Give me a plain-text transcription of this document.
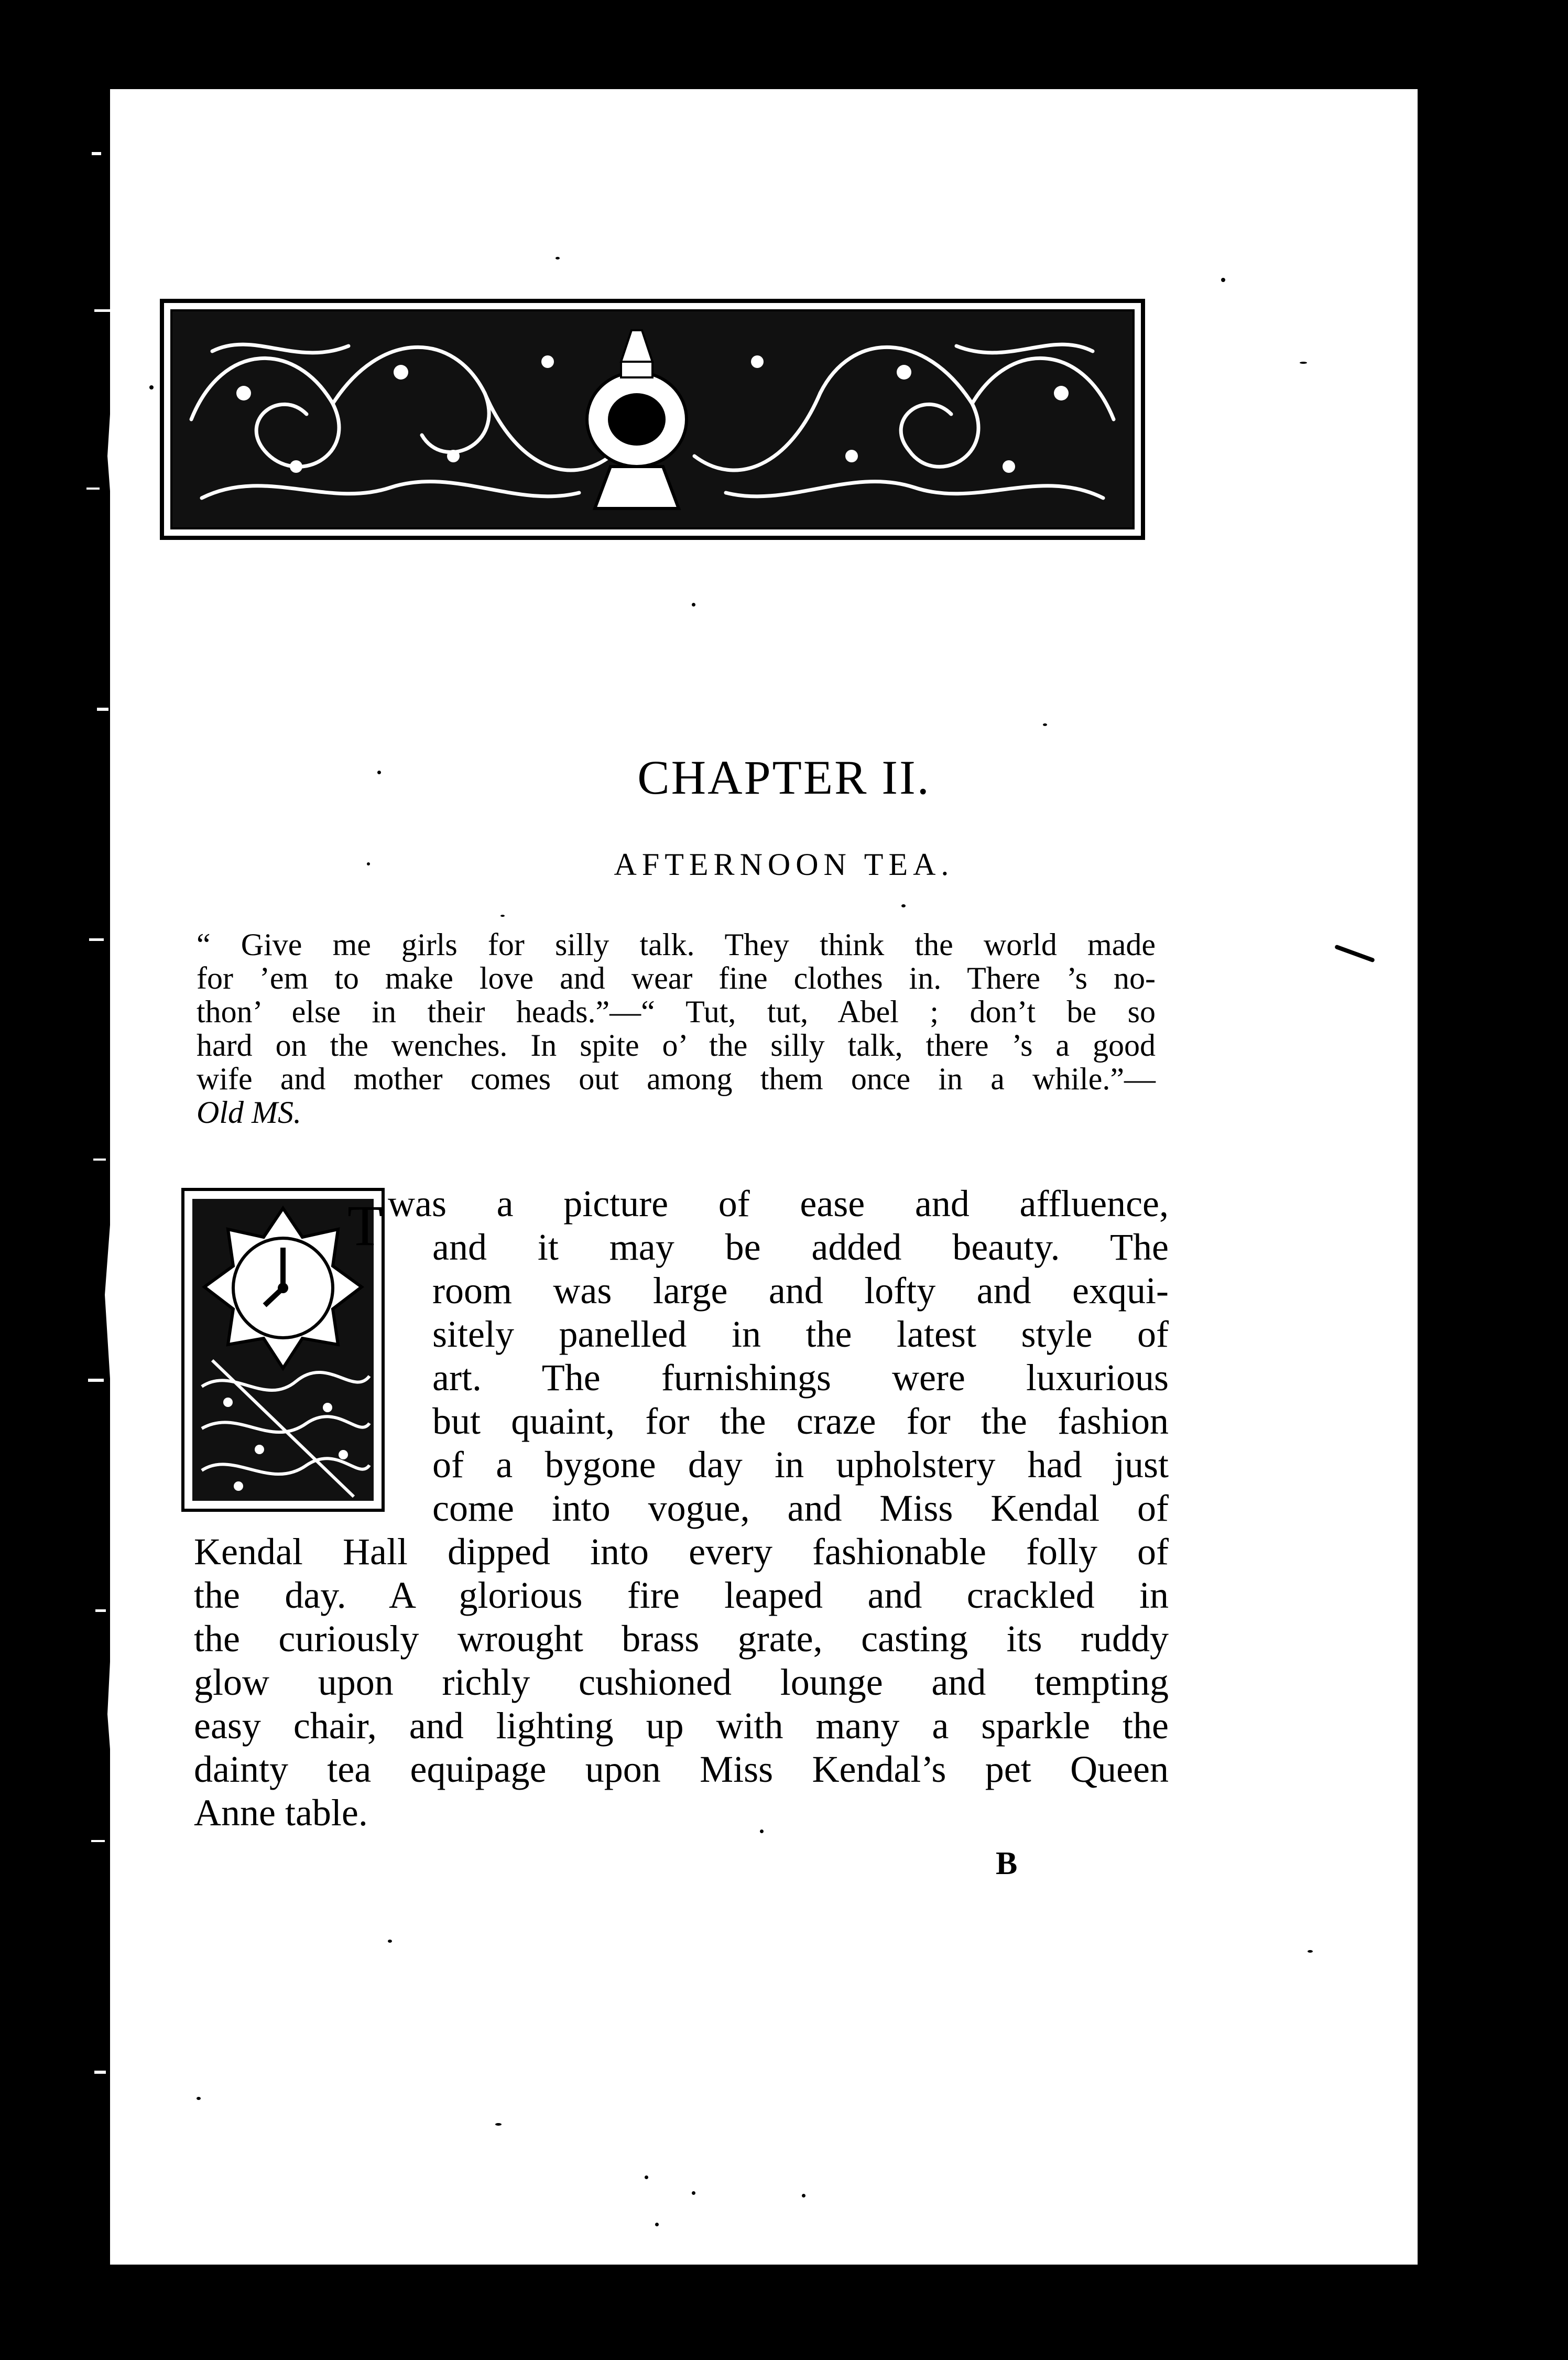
CHAPTER II.
AFTERNOON TEA.
“ Give me girls for silly talk. They think the world made
for ’em to make love and wear fine clothes in. There ’s no-
thon’ else in their heads.”—“ Tut, tut, Abel ; don’t be so
hard on the wenches. In spite o’ the silly talk, there ’s a good
wife and mother comes out among them once in a while.”—
Old MS.
T was a picture of ease and affluence,
and it may be added beauty. The
room was large and lofty and exqui-
sitely panelled in the latest style of
art. The furnishings were luxurious
but quaint, for the craze for the fashion
of a bygone day in upholstery had just
come into vogue, and Miss Kendal of
Kendal Hall dipped into every fashionable folly of
the day. A glorious fire leaped and crackled in
the curiously wrought brass grate, casting its ruddy
glow upon richly cushioned lounge and tempting
easy chair, and lighting up with many a sparkle the
dainty tea equipage upon Miss Kendal’s pet Queen
Anne table.
B
